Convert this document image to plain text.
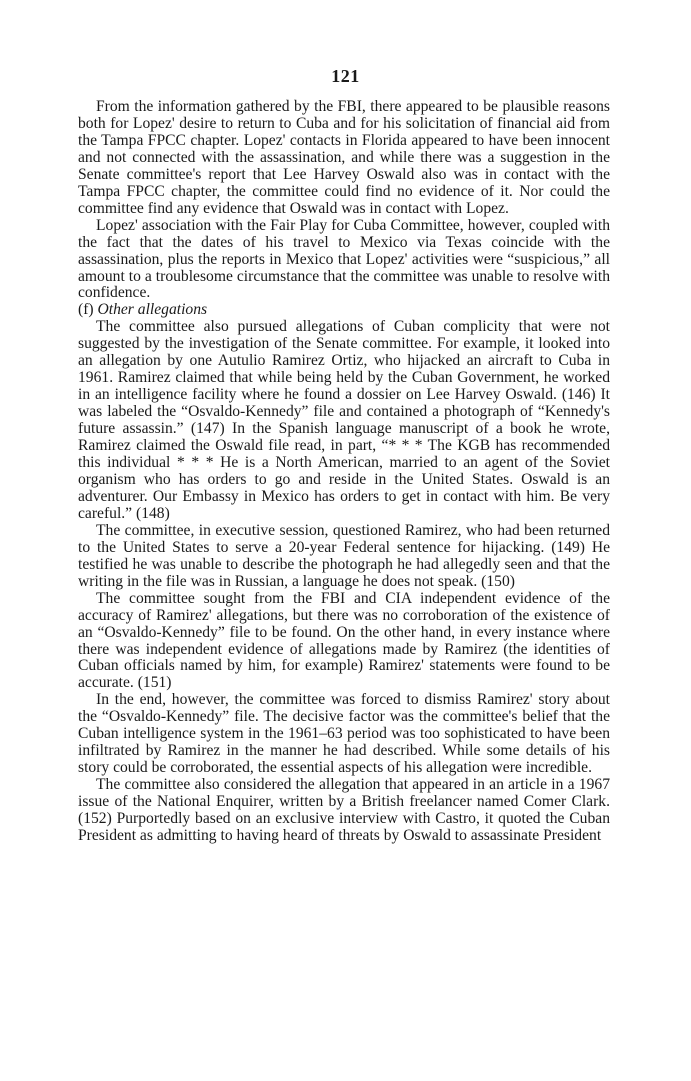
121

From the information gathered by the FBI, there appeared to be plausible reasons both for Lopez' desire to return to Cuba and for his solicitation of financial aid from the Tampa FPCC chapter. Lopez' contacts in Florida appeared to have been innocent and not connected with the assassination, and while there was a suggestion in the Senate committee's report that Lee Harvey Oswald also was in contact with the Tampa FPCC chapter, the committee could find no evidence of it. Nor could the committee find any evidence that Oswald was in contact with Lopez.

Lopez' association with the Fair Play for Cuba Committee, however, coupled with the fact that the dates of his travel to Mexico via Texas coincide with the assassination, plus the reports in Mexico that Lopez' activities were “suspicious,” all amount to a troublesome circumstance that the committee was unable to resolve with confidence.

(f) Other allegations

The committee also pursued allegations of Cuban complicity that were not suggested by the investigation of the Senate committee. For example, it looked into an allegation by one Autulio Ramirez Ortiz, who hijacked an aircraft to Cuba in 1961. Ramirez claimed that while being held by the Cuban Government, he worked in an intelligence facility where he found a dossier on Lee Harvey Oswald. (146) It was labeled the “Osvaldo-Kennedy” file and contained a photograph of “Kennedy's future assassin.” (147) In the Spanish language manuscript of a book he wrote, Ramirez claimed the Oswald file read, in part, “* * * The KGB has recommended this individual * * * He is a North American, married to an agent of the Soviet organism who has orders to go and reside in the United States. Oswald is an adventurer. Our Embassy in Mexico has orders to get in contact with him. Be very careful.” (148)

The committee, in executive session, questioned Ramirez, who had been returned to the United States to serve a 20-year Federal sentence for hijacking. (149) He testified he was unable to describe the photograph he had allegedly seen and that the writing in the file was in Russian, a language he does not speak. (150)

The committee sought from the FBI and CIA independent evidence of the accuracy of Ramirez' allegations, but there was no corroboration of the existence of an “Osvaldo-Kennedy” file to be found. On the other hand, in every instance where there was independent evidence of allegations made by Ramirez (the identities of Cuban officials named by him, for example) Ramirez' statements were found to be accurate. (151)

In the end, however, the committee was forced to dismiss Ramirez' story about the “Osvaldo-Kennedy” file. The decisive factor was the committee's belief that the Cuban intelligence system in the 1961–63 period was too sophisticated to have been infiltrated by Ramirez in the manner he had described. While some details of his story could be corroborated, the essential aspects of his allegation were incredible.

The committee also considered the allegation that appeared in an article in a 1967 issue of the National Enquirer, written by a British freelancer named Comer Clark. (152) Purportedly based on an exclusive interview with Castro, it quoted the Cuban President as admitting to having heard of threats by Oswald to assassinate President
